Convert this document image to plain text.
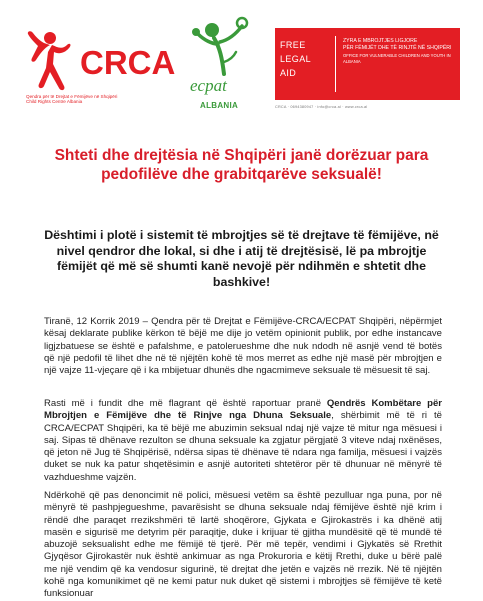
CRCA
Qendra për të Drejtat e Fëmijëve në Shqipëri
Child Rights Centre Albania
ecpat
ALBANIA
FREE
LEGAL
AID
ZYRA E MBROJTJES LIGJORE
PËR FËMIJËT DHE TË RINJTË NË SHQIPËRI
OFFICE FOR VULNERABLE CHILDREN AND YOUTH IN ALBANIA
CRCA · 0694380947 · info@crca.al · www.crca.al
Shteti dhe drejtësia në Shqipëri janë dorëzuar para pedofilëve dhe grabitqarëve seksualë!
Dështimi i plotë i sistemit të mbrojtjes së të drejtave të fëmijëve, në nivel qendror dhe lokal, si dhe i atij të drejtësisë, lë pa mbrojtje fëmijët që më së shumti kanë nevojë për ndihmën e shtetit dhe bashkive!

Tiranë, 12 Korrik 2019 – Qendra për të Drejtat e Fëmijëve-CRCA/ECPAT Shqipëri, nëpërmjet kësaj deklarate publike kërkon të bëjë me dije jo vetëm opinionit publik, por edhe instancave ligjzbatuese se është e pafalshme, e patolerueshme dhe nuk ndodh në asnjë vend të botës që një pedofil të lihet dhe në të njëjtën kohë të mos merret as edhe një masë për mbrojtjen e një vajze 11-vjeçare që i ka mbijetuar dhunës dhe ngacmimeve seksuale të mësuesit të saj.

Rasti më i fundit dhe më flagrant që është raportuar pranë Qendrës Kombëtare për Mbrojtjen e Fëmijëve dhe të Rinjve nga Dhuna Seksuale, shërbimit më të ri të CRCA/ECPAT Shqipëri, ka të bëjë me abuzimin seksual ndaj një vajze të mitur nga mësuesi i saj. Sipas të dhënave rezulton se dhuna seksuale ka zgjatur përgjatë 3 viteve ndaj nxënëses, që jeton në Jug të Shqipërisë, ndërsa sipas të dhënave të ndara nga familja, mësuesi i vajzës duket se nuk ka patur shqetësimin e asnjë autoriteti shtetëror për të dhunuar në mënyrë të vazhdueshme vajzën.

Ndërkohë që pas denoncimit në polici, mësuesi vetëm sa është pezulluar nga puna, por në mënyrë të pashpjegueshme, pavarësisht se dhuna seksuale ndaj fëmijëve është një krim i rëndë dhe paraqet rrezikshmëri të lartë shoqërore, Gjykata e Gjirokastrës i ka dhënë atij masën e sigurisë me detyrim për paraqitje, duke i krijuar të gjitha mundësitë që të mundë të abuzojë seksualisht edhe me fëmijë të tjerë. Për më tepër, vendimi i Gjykatës së Rrethit Gjyqësor Gjirokastër nuk është ankimuar as nga Prokuroria e këtij Rrethi, duke u bërë palë me një vendim që ka vendosur sigurinë, të drejtat dhe jetën e vajzës në rrezik. Në të njëjtën kohë nga komunikimet që ne kemi patur nuk duket që sistemi i mbrojtjes së fëmijëve të ketë funksionuar
